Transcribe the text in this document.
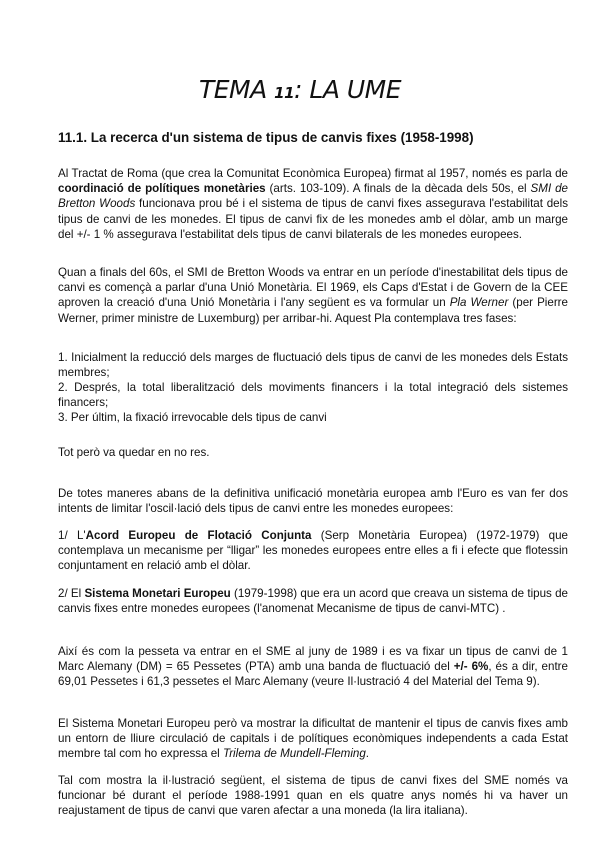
TEMA 11: LA UME
11.1. La recerca d'un sistema de tipus de canvis fixes (1958-1998)

Al Tractat de Roma (que crea la Comunitat Econòmica Europea) firmat al 1957, només es parla de coordinació de polítiques monetàries (arts. 103-109). A finals de la dècada dels 50s, el SMI de Bretton Woods funcionava prou bé i el sistema de tipus de canvi fixes assegurava l'estabilitat dels tipus de canvi de les monedes. El tipus de canvi fix de les monedes amb el dòlar, amb un marge del +/- 1 % assegurava l'estabilitat dels tipus de canvi bilaterals de les monedes europees.

Quan a finals del 60s, el SMI de Bretton Woods va entrar en un període d'inestabilitat dels tipus de canvi es començà a parlar d'una Unió Monetària. El 1969, els Caps d'Estat i de Govern de la CEE aproven la creació d'una Unió Monetària i l'any següent es va formular un Pla Werner (per Pierre Werner, primer ministre de Luxemburg) per arribar-hi. Aquest Pla contemplava tres fases:

1. Inicialment la reducció dels marges de fluctuació dels tipus de canvi de les monedes dels Estats membres;

2. Després, la total liberalització dels moviments financers i la total integració dels sistemes financers;

3. Per últim, la fixació irrevocable dels tipus de canvi

Tot però va quedar en no res.

De totes maneres abans de la definitiva unificació monetària europea amb l'Euro es van fer dos intents de limitar l'oscil·lació dels tipus de canvi entre les monedes europees:

1/ L'Acord Europeu de Flotació Conjunta (Serp Monetària Europea) (1972-1979) que contemplava un mecanisme per “lligar” les monedes europees entre elles a fi i efecte que flotessin conjuntament en relació amb el dòlar.

2/ El Sistema Monetari Europeu (1979-1998) que era un acord que creava un sistema de tipus de canvis fixes entre monedes europees (l'anomenat Mecanisme de tipus de canvi-MTC) .

Així és com la pesseta va entrar en el SME al juny de 1989 i es va fixar un tipus de canvi de 1 Marc Alemany (DM) = 65 Pessetes (PTA) amb una banda de fluctuació del +/- 6%, és a dir, entre 69,01 Pessetes i 61,3 pessetes el Marc Alemany (veure Il·lustració 4 del Material del Tema 9).

El Sistema Monetari Europeu però va mostrar la dificultat de mantenir el tipus de canvis fixes amb un entorn de lliure circulació de capitals i de polítiques econòmiques independents a cada Estat membre tal com ho expressa el Trilema de Mundell-Fleming.

Tal com mostra la il·lustració següent, el sistema de tipus de canvi fixes del SME només va funcionar bé durant el període 1988-1991 quan en els quatre anys només hi va haver un reajustament de tipus de canvi que varen afectar a una moneda (la lira italiana).
